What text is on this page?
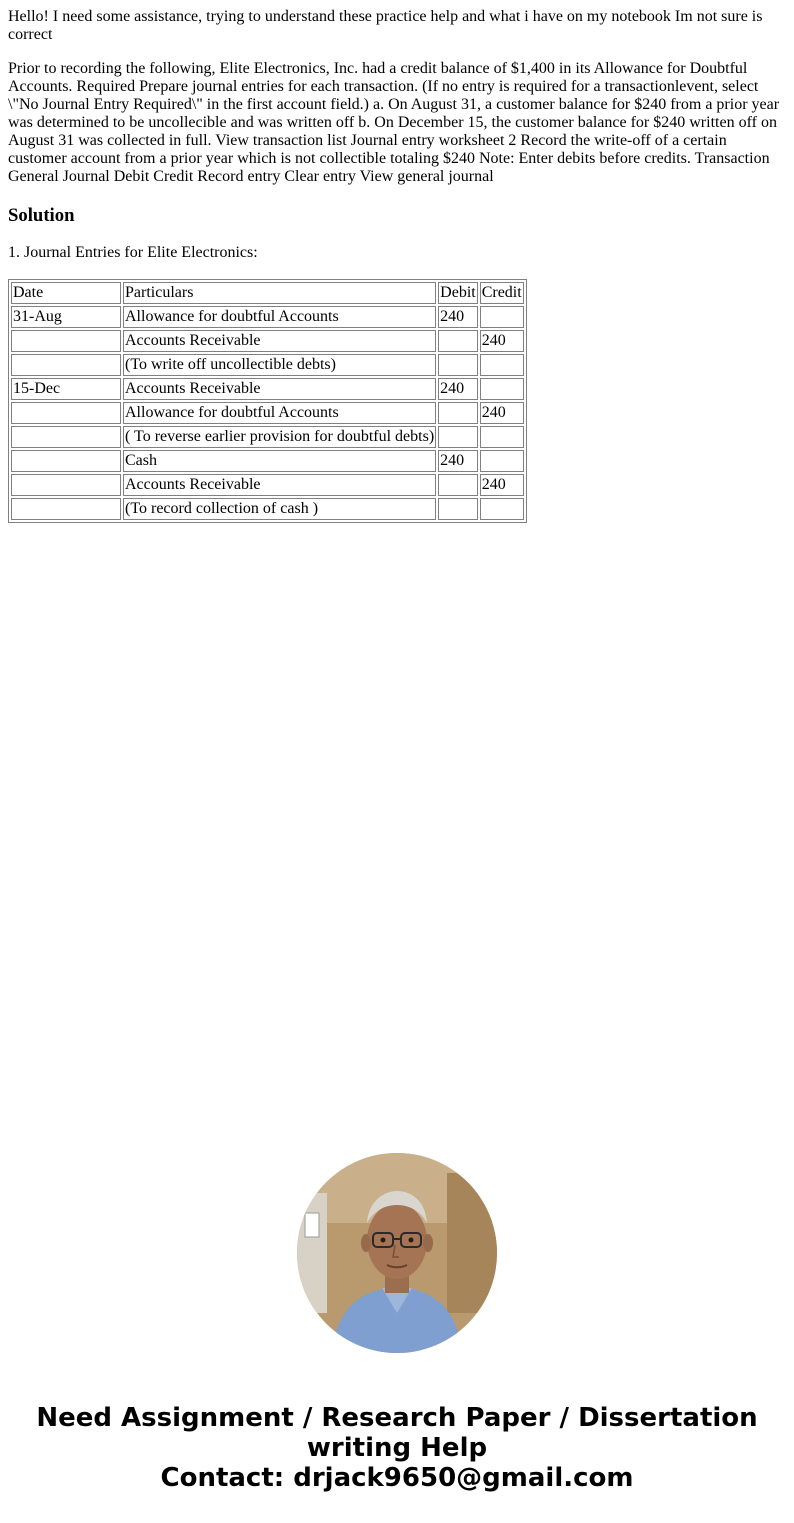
Hello! I need some assistance, trying to understand these practice help and what i have on my notebook Im not sure is correct

Prior to recording the following, Elite Electronics, Inc. had a credit balance of $1,400 in its Allowance for Doubtful Accounts. Required Prepare journal entries for each transaction. (If no entry is required for a transactionlevent, select \"No Journal Entry Required\" in the first account field.) a. On August 31, a customer balance for $240 from a prior year was determined to be uncollecible and was written off b. On December 15, the customer balance for $240 written off on August 31 was collected in full. View transaction list Journal entry worksheet 2 Record the write-off of a certain customer account from a prior year which is not collectible totaling $240 Note: Enter debits before credits. Transaction General Journal Debit Credit Record entry Clear entry View general journal

Solution

1. Journal Entries for Elite Electronics:

Date	Particulars	Debit	Credit
31-Aug	Allowance for doubtful Accounts	240	
	Accounts Receivable		240
	(To write off uncollectible debts)		
15-Dec	Accounts Receivable	240	
	Allowance for doubtful Accounts		240
	( To reverse earlier provision for doubtful debts)		
	Cash	240	
	Accounts Receivable		240
	(To record collection of cash )		
Need Assignment / Research Paper / Dissertation
writing Help
Contact: drjack9650@gmail.com
